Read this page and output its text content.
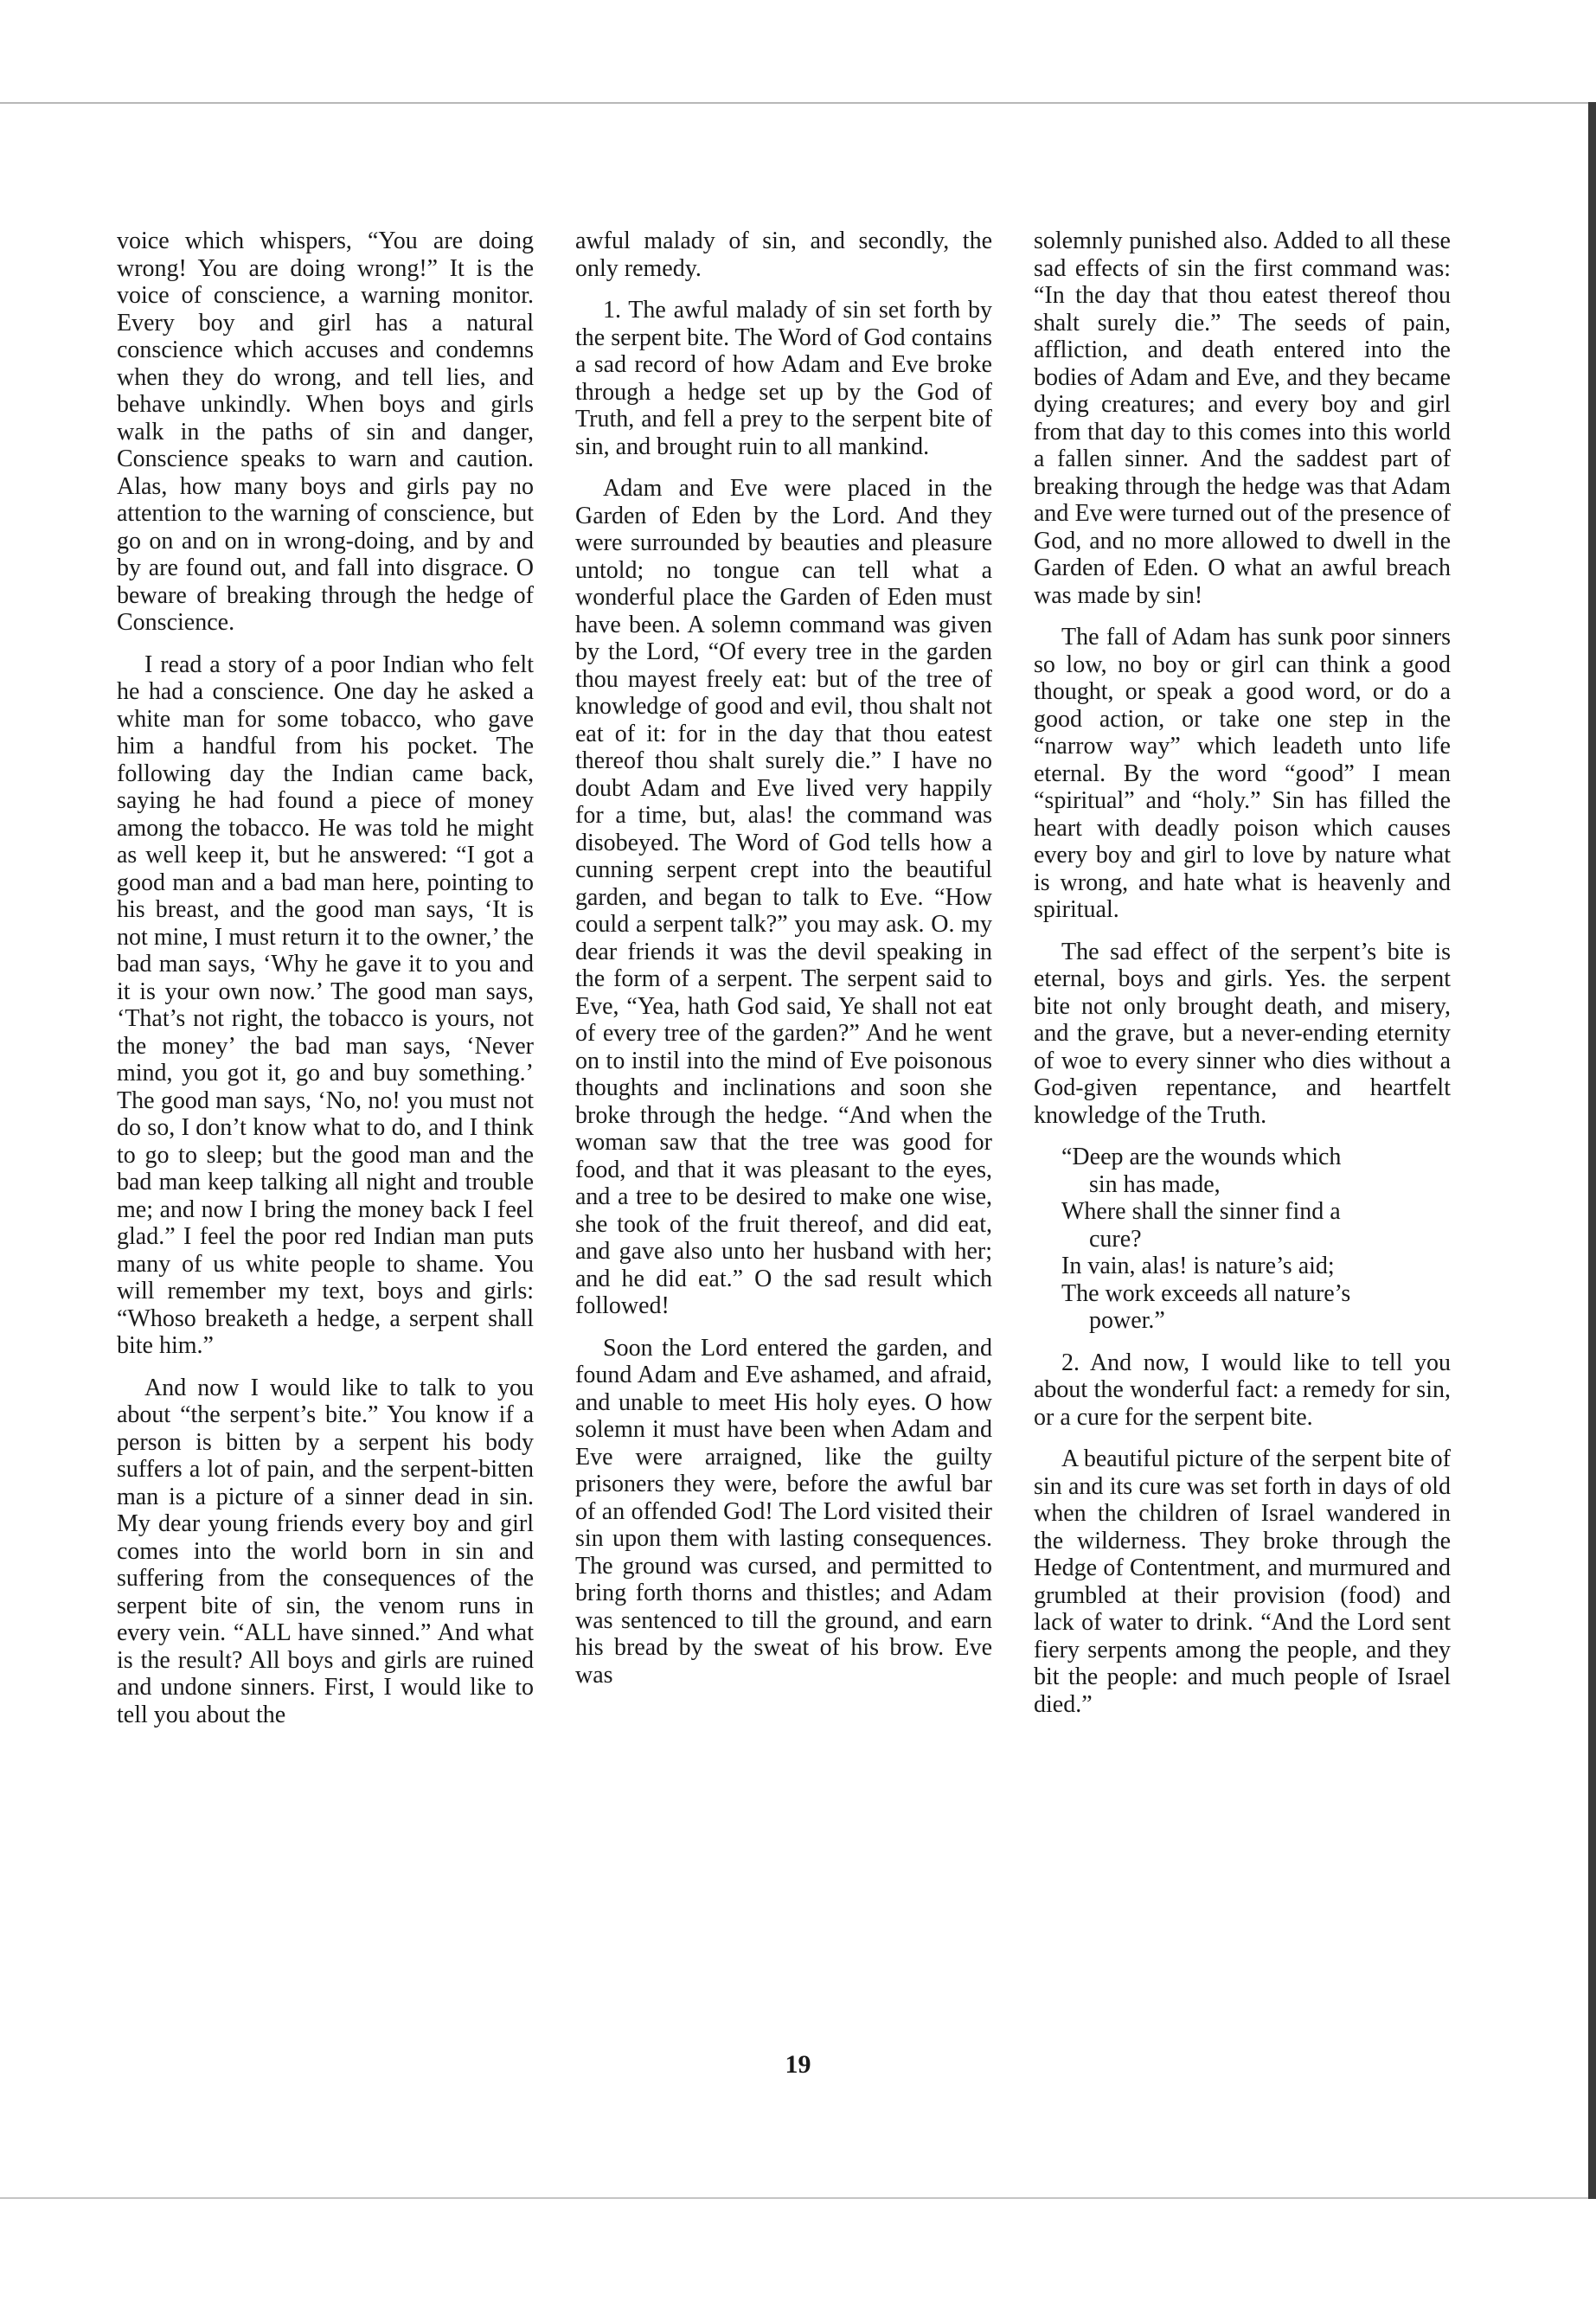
voice which whispers, “You are doing wrong! You are doing wrong!” It is the voice of conscience, a warning monitor. Every boy and girl has a natural conscience which accuses and condemns when they do wrong, and tell lies, and behave unkindly. When boys and girls walk in the paths of sin and danger, Conscience speaks to warn and caution. Alas, how many boys and girls pay no attention to the warning of conscience, but go on and on in wrong-doing, and by and by are found out, and fall into disgrace. O beware of breaking through the hedge of Conscience.

I read a story of a poor Indian who felt he had a conscience. One day he asked a white man for some tobacco, who gave him a handful from his pocket. The following day the Indian came back, saying he had found a piece of money among the tobacco. He was told he might as well keep it, but he answered: “I got a good man and a bad man here, pointing to his breast, and the good man says, ‘It is not mine, I must return it to the owner,’ the bad man says, ‘Why he gave it to you and it is your own now.’ The good man says, ‘That’s not right, the tobacco is yours, not the money’ the bad man says, ‘Never mind, you got it, go and buy something.’ The good man says, ‘No, no! you must not do so, I don’t know what to do, and I think to go to sleep; but the good man and the bad man keep talking all night and trouble me; and now I bring the money back I feel glad.” I feel the poor red Indian man puts many of us white people to shame. You will remember my text, boys and girls: “Whoso breaketh a hedge, a serpent shall bite him.”

And now I would like to talk to you about “the serpent’s bite.” You know if a person is bitten by a serpent his body suffers a lot of pain, and the serpent-bitten man is a picture of a sinner dead in sin. My dear young friends every boy and girl comes into the world born in sin and suffering from the consequences of the serpent bite of sin, the venom runs in every vein. “ALL have sinned.” And what is the result? All boys and girls are ruined and undone sinners. First, I would like to tell you about the

awful malady of sin, and secondly, the only remedy.

1. The awful malady of sin set forth by the serpent bite. The Word of God contains a sad record of how Adam and Eve broke through a hedge set up by the God of Truth, and fell a prey to the serpent bite of sin, and brought ruin to all mankind.

Adam and Eve were placed in the Garden of Eden by the Lord. And they were surrounded by beauties and pleasure untold; no tongue can tell what a wonderful place the Garden of Eden must have been. A solemn command was given by the Lord, “Of every tree in the garden thou mayest freely eat: but of the tree of knowledge of good and evil, thou shalt not eat of it: for in the day that thou eatest thereof thou shalt surely die.” I have no doubt Adam and Eve lived very happily for a time, but, alas! the command was disobeyed. The Word of God tells how a cunning serpent crept into the beautiful garden, and began to talk to Eve. “How could a serpent talk?” you may ask. O. my dear friends it was the devil speaking in the form of a serpent. The serpent said to Eve, “Yea, hath God said, Ye shall not eat of every tree of the garden?” And he went on to instil into the mind of Eve poisonous thoughts and inclinations and soon she broke through the hedge. “And when the woman saw that the tree was good for food, and that it was pleasant to the eyes, and a tree to be desired to make one wise, she took of the fruit thereof, and did eat, and gave also unto her husband with her; and he did eat.” O the sad result which followed!

Soon the Lord entered the garden, and found Adam and Eve ashamed, and afraid, and unable to meet His holy eyes. O how solemn it must have been when Adam and Eve were arraigned, like the guilty prisoners they were, before the awful bar of an offended God! The Lord visited their sin upon them with lasting consequences. The ground was cursed, and permitted to bring forth thorns and thistles; and Adam was sentenced to till the ground, and earn his bread by the sweat of his brow. Eve was

solemnly punished also. Added to all these sad effects of sin the first command was: “In the day that thou eatest thereof thou shalt surely die.” The seeds of pain, affliction, and death entered into the bodies of Adam and Eve, and they became dying creatures; and every boy and girl from that day to this comes into this world a fallen sinner. And the saddest part of breaking through the hedge was that Adam and Eve were turned out of the presence of God, and no more allowed to dwell in the Garden of Eden. O what an awful breach was made by sin!

The fall of Adam has sunk poor sinners so low, no boy or girl can think a good thought, or speak a good word, or do a good action, or take one step in the “narrow way” which leadeth unto life eternal. By the word “good” I mean “spiritual” and “holy.” Sin has filled the heart with deadly poison which causes every boy and girl to love by nature what is wrong, and hate what is heavenly and spiritual.

The sad effect of the serpent’s bite is eternal, boys and girls. Yes. the serpent bite not only brought death, and misery, and the grave, but a never-ending eternity of woe to every sinner who dies without a God-given repentance, and heartfelt knowledge of the Truth.

“Deep are the wounds which
sin has made,
Where shall the sinner find a
cure?
In vain, alas! is nature’s aid;
The work exceeds all nature’s
power.”

2. And now, I would like to tell you about the wonderful fact: a remedy for sin, or a cure for the serpent bite.

A beautiful picture of the serpent bite of sin and its cure was set forth in days of old when the children of Israel wandered in the wilderness. They broke through the Hedge of Contentment, and murmured and grumbled at their provision (food) and lack of water to drink. “And the Lord sent fiery serpents among the people, and they bit the people: and much people of Israel died.”

19
